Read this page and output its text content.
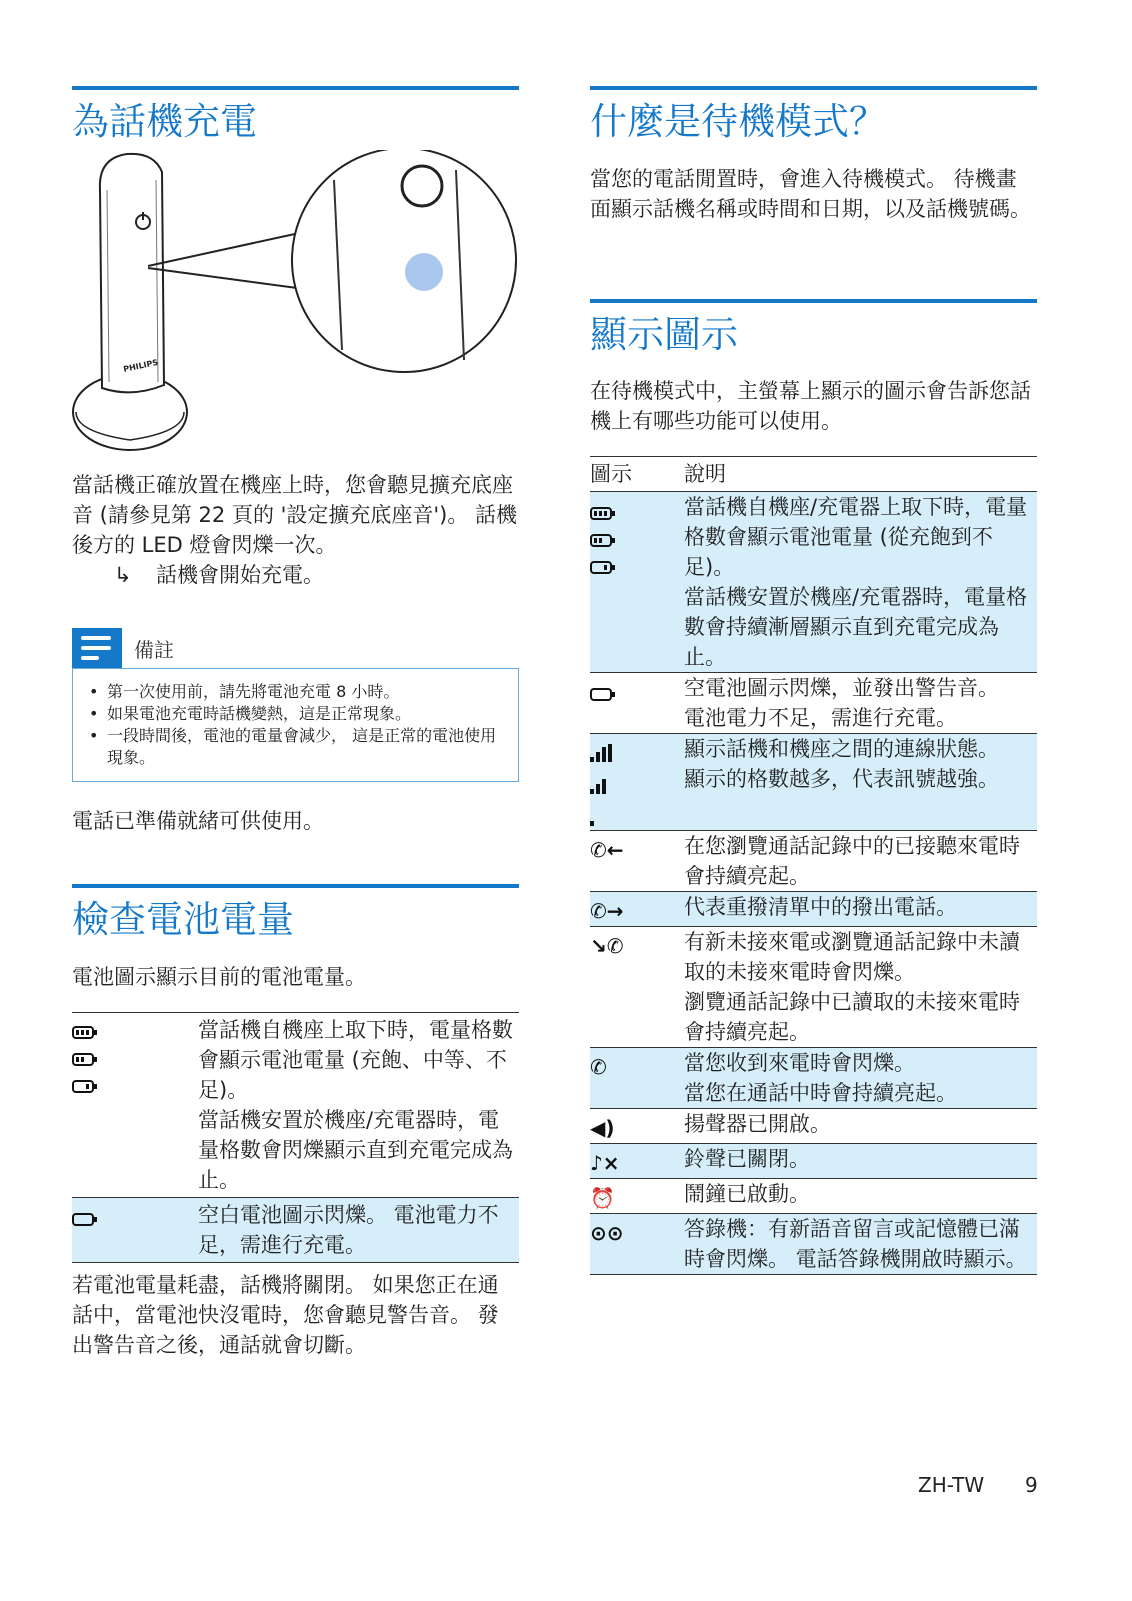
為話機充電
PHILIPS

當話機正確放置在機座上時，您會聽見擴充底座音 (請參見第 22 頁的 '設定擴充底座音')。 話機後方的 LED 燈會閃爍一次。

↳ 話機會開始充電。

備註
• 第一次使用前，請先將電池充電 8 小時。
• 如果電池充電時話機變熱，這是正常現象。
• 一段時間後，電池的電量會減少， 這是正常的電池使用現象。

電話已準備就緒可供使用。

檢查電池電量

電池圖示顯示目前的電池電量。

	當話機自機座上取下時，電量格數會顯示電池電量 (充飽、中等、不足)。
當話機安置於機座/充電器時，電量格數會閃爍顯示直到充電完成為止。

	空白電池圖示閃爍。 電池電力不足，需進行充電。

若電池電量耗盡，話機將關閉。 如果您正在通話中，當電池快沒電時，您會聽見警告音。 發出警告音之後，通話就會切斷。

什麼是待機模式？

當您的電話閒置時，會進入待機模式。 待機畫面顯示話機名稱或時間和日期，以及話機號碼。

顯示圖示

在待機模式中，主螢幕上顯示的圖示會告訴您話機上有哪些功能可以使用。

圖示	說明

	當話機自機座/充電器上取下時，電量格數會顯示電池電量 (從充飽到不足)。
當話機安置於機座/充電器時，電量格數會持續漸層顯示直到充電完成為止。

	空電池圖示閃爍，並發出警告音。
電池電力不足，需進行充電。

	顯示話機和機座之間的連線狀態。
顯示的格數越多，代表訊號越強。
✆←	在您瀏覽通話記錄中的已接聽來電時會持續亮起。
✆→	代表重撥清單中的撥出電話。
↘✆	有新未接來電或瀏覽通話記錄中未讀取的未接來電時會閃爍。
瀏覽通話記錄中已讀取的未接來電時會持續亮起。
✆	當您收到來電時會閃爍。
當您在通話中時會持續亮起。
◀)	揚聲器已開啟。
♪×	鈴聲已關閉。
⏰	鬧鐘已啟動。
⊙⊙	答錄機：有新語音留言或記憶體已滿時會閃爍。 電話答錄機開啟時顯示。
ZH-TW 9
